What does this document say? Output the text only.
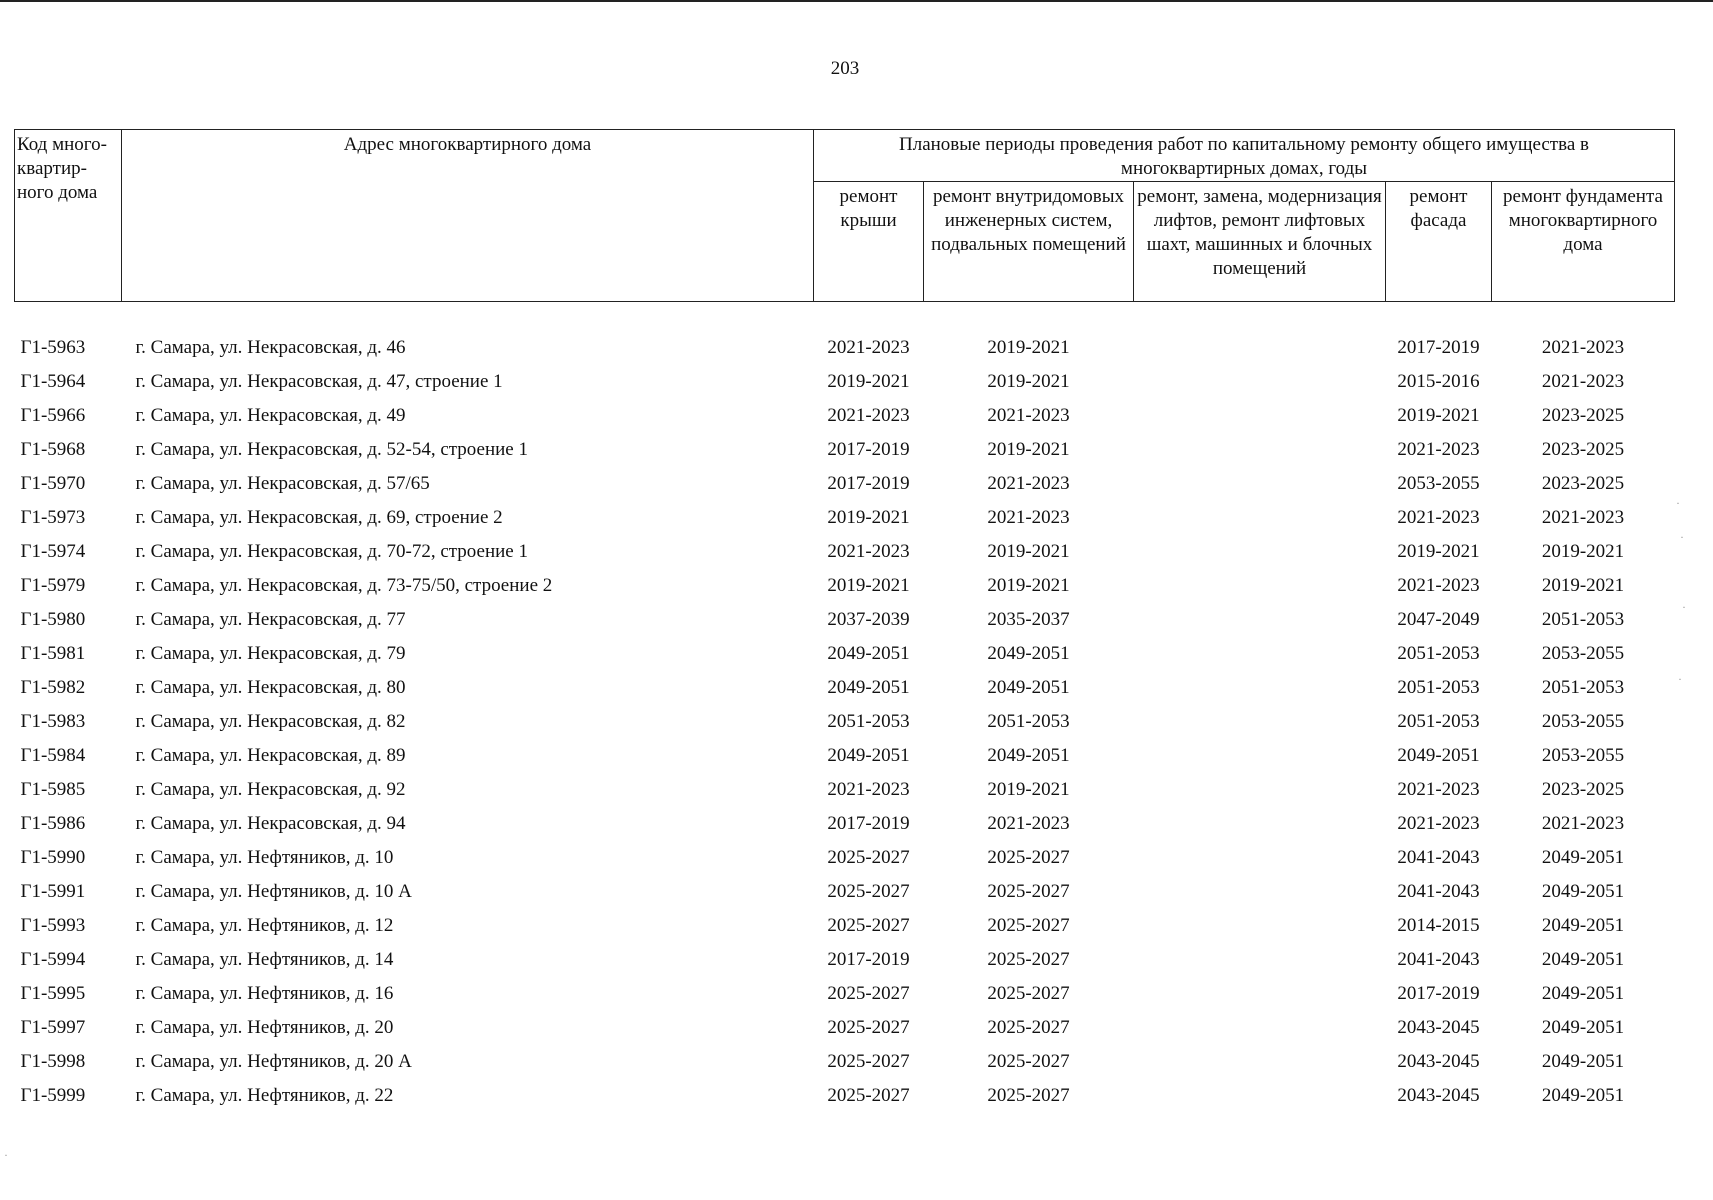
203
Код много-квартир-ного дома	Адрес многоквартирного дома	Плановые периоды проведения работ по капитальному ремонту общего имущества в многоквартирных домах, годы				
		ремонт крыши	ремонт внутридомовых инженерных систем, подвальных помещений	ремонт, замена, модернизация лифтов, ремонт лифтовых шахт, машинных и блочных помещений	ремонт фасада	ремонт фундамента многоквартирного дома

Г1-5963	г. Самара, ул. Некрасовская, д. 46	2021-2023	2019-2021		2017-2019	2021-2023
Г1-5964	г. Самара, ул. Некрасовская, д. 47, строение 1	2019-2021	2019-2021		2015-2016	2021-2023
Г1-5966	г. Самара, ул. Некрасовская, д. 49	2021-2023	2021-2023		2019-2021	2023-2025
Г1-5968	г. Самара, ул. Некрасовская, д. 52-54, строение 1	2017-2019	2019-2021		2021-2023	2023-2025
Г1-5970	г. Самара, ул. Некрасовская, д. 57/65	2017-2019	2021-2023		2053-2055	2023-2025
Г1-5973	г. Самара, ул. Некрасовская, д. 69, строение 2	2019-2021	2021-2023		2021-2023	2021-2023
Г1-5974	г. Самара, ул. Некрасовская, д. 70-72, строение 1	2021-2023	2019-2021		2019-2021	2019-2021
Г1-5979	г. Самара, ул. Некрасовская, д. 73-75/50, строение 2	2019-2021	2019-2021		2021-2023	2019-2021
Г1-5980	г. Самара, ул. Некрасовская, д. 77	2037-2039	2035-2037		2047-2049	2051-2053
Г1-5981	г. Самара, ул. Некрасовская, д. 79	2049-2051	2049-2051		2051-2053	2053-2055
Г1-5982	г. Самара, ул. Некрасовская, д. 80	2049-2051	2049-2051		2051-2053	2051-2053
Г1-5983	г. Самара, ул. Некрасовская, д. 82	2051-2053	2051-2053		2051-2053	2053-2055
Г1-5984	г. Самара, ул. Некрасовская, д. 89	2049-2051	2049-2051		2049-2051	2053-2055
Г1-5985	г. Самара, ул. Некрасовская, д. 92	2021-2023	2019-2021		2021-2023	2023-2025
Г1-5986	г. Самара, ул. Некрасовская, д. 94	2017-2019	2021-2023		2021-2023	2021-2023
Г1-5990	г. Самара, ул. Нефтяников, д. 10	2025-2027	2025-2027		2041-2043	2049-2051
Г1-5991	г. Самара, ул. Нефтяников, д. 10 А	2025-2027	2025-2027		2041-2043	2049-2051
Г1-5993	г. Самара, ул. Нефтяников, д. 12	2025-2027	2025-2027		2014-2015	2049-2051
Г1-5994	г. Самара, ул. Нефтяников, д. 14	2017-2019	2025-2027		2041-2043	2049-2051
Г1-5995	г. Самара, ул. Нефтяников, д. 16	2025-2027	2025-2027		2017-2019	2049-2051
Г1-5997	г. Самара, ул. Нефтяников, д. 20	2025-2027	2025-2027		2043-2045	2049-2051
Г1-5998	г. Самара, ул. Нефтяников, д. 20 А	2025-2027	2025-2027		2043-2045	2049-2051
Г1-5999	г. Самара, ул. Нефтяников, д. 22	2025-2027	2025-2027		2043-2045	2049-2051
·
·
·
·
·
